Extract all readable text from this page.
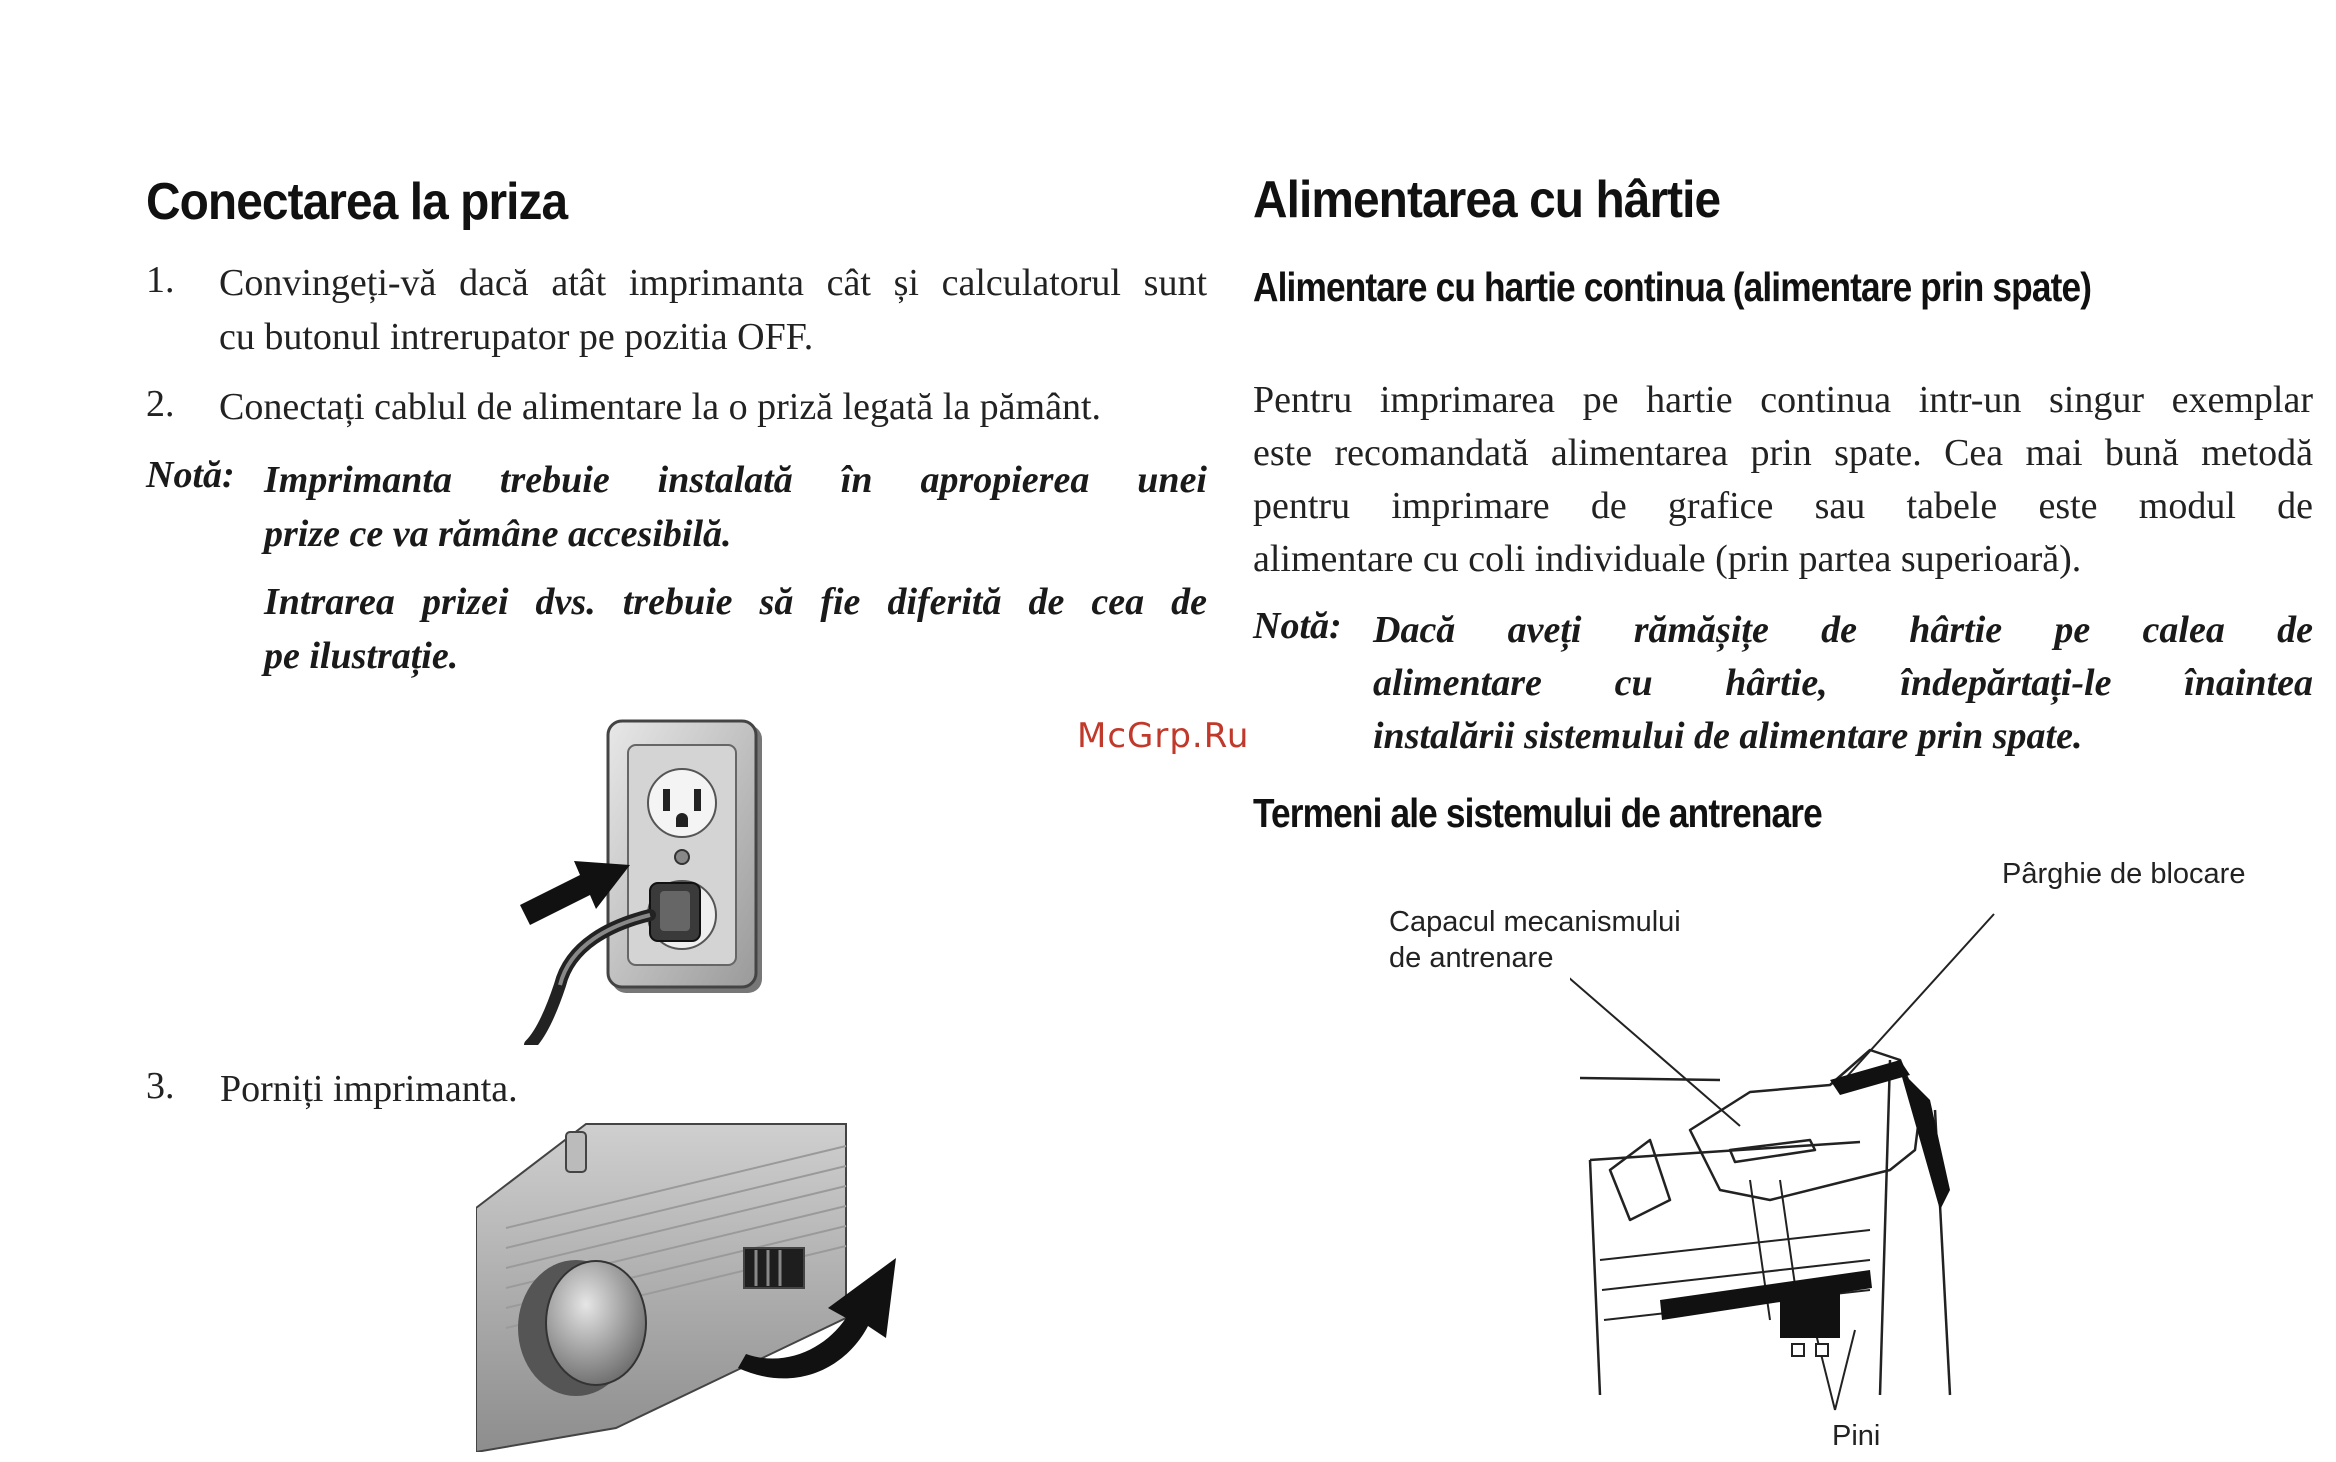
Conectarea la priza
1. Convingeți-vă dacă atât imprimanta cât și calculatorul sunt
cu butonul intrerupator pe pozitia OFF.
2. Conectați cablul de alimentare la o priză legată la pământ.
Notă: Imprimanta trebuie instalată în apropierea unei
prize ce va rămâne accesibilă.
Intrarea prizei dvs. trebuie să fie diferită de cea de
pe ilustrație.
3. Porniți imprimanta.
Alimentarea cu hârtie
Alimentare cu hartie continua (alimentare prin spate)
Pentru imprimarea pe hartie continua intr-un singur exemplar
este recomandată alimentarea prin spate. Cea mai bună metodă
pentru imprimare de grafice sau tabele este modul de
alimentare cu coli individuale (prin partea superioară).
Notă: Dacă aveți rămășițe de hârtie pe calea de
alimentare cu hârtie, îndepărtați-le înaintea
instalării sistemului de alimentare prin spate.
McGrp.Ru
Termeni ale sistemului de antrenare
Pârghie de blocare
Capacul mecanismului
de antrenare
Pini
